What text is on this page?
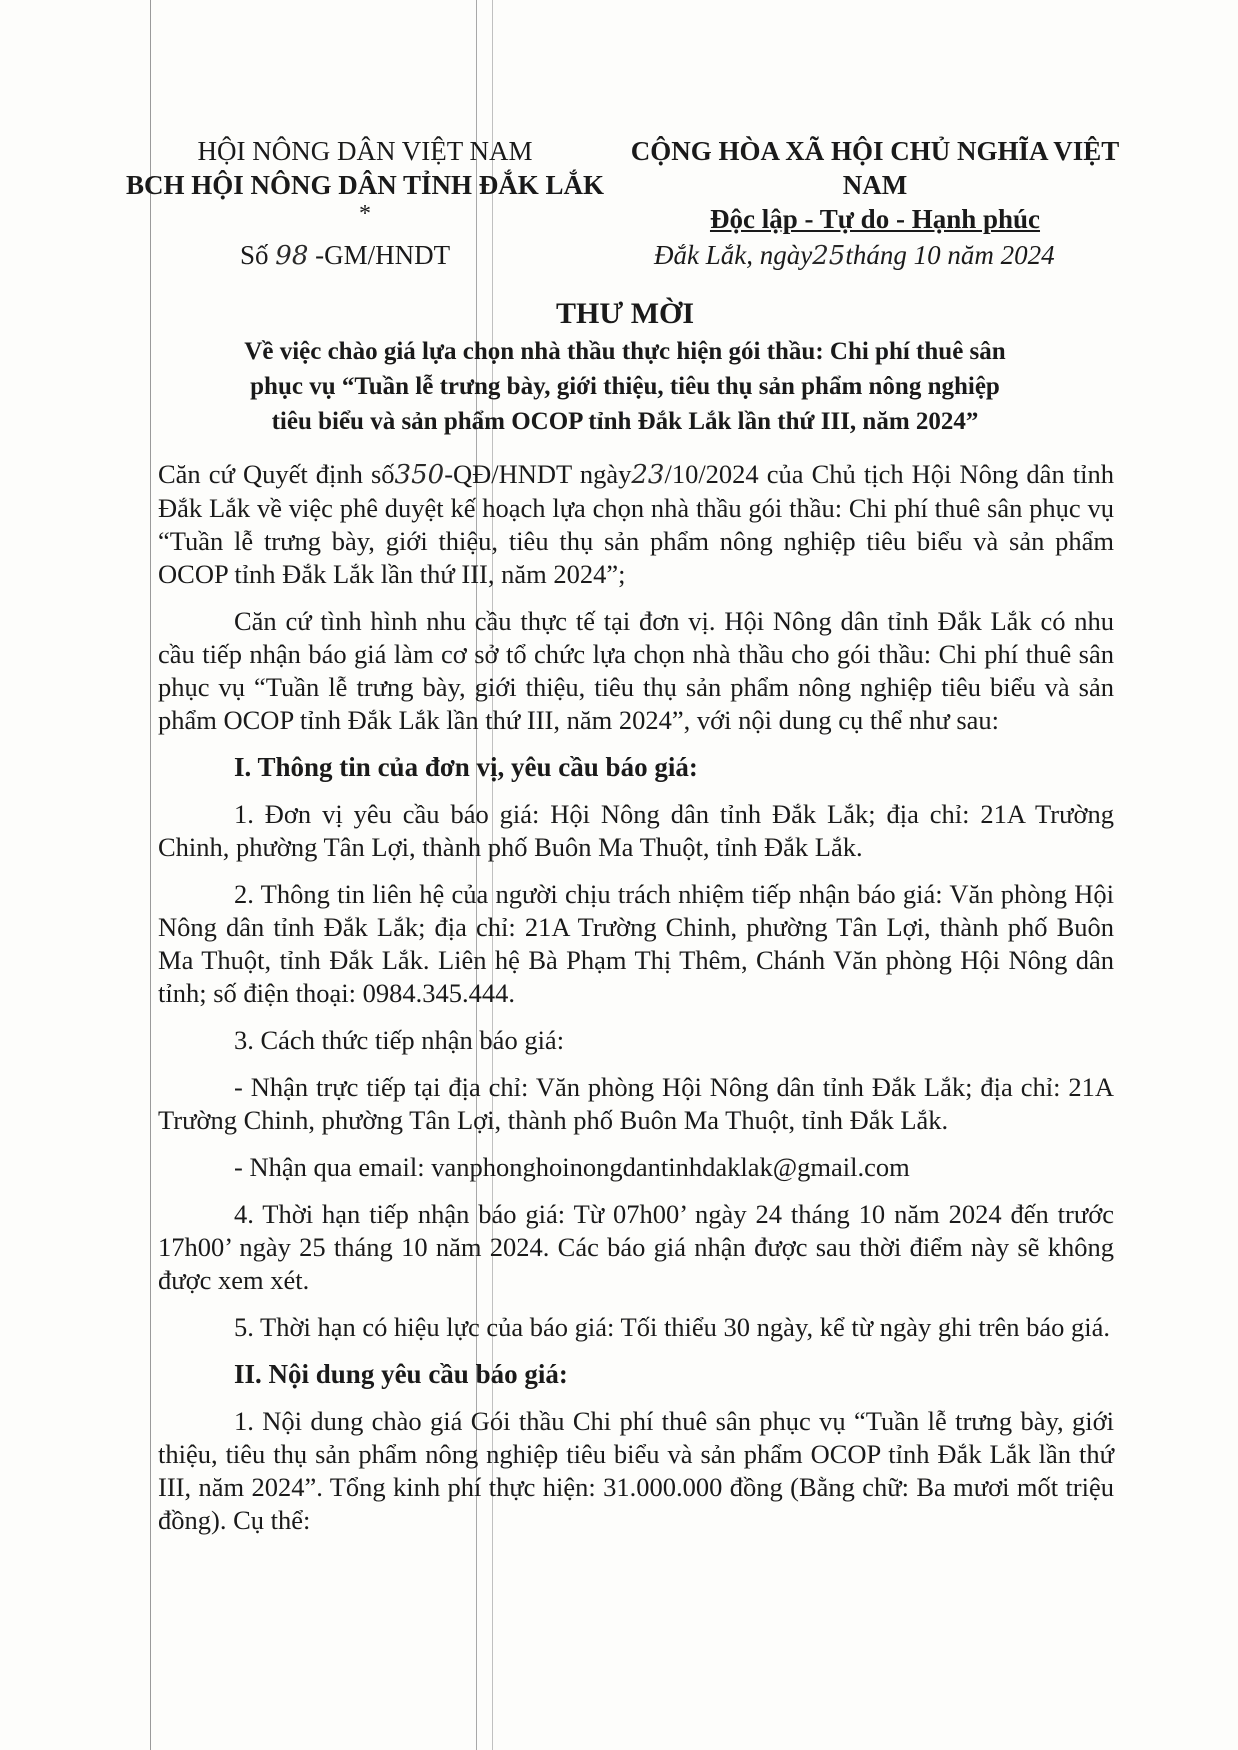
HỘI NÔNG DÂN VIỆT NAM
BCH HỘI NÔNG DÂN TỈNH ĐẮK LẮK
*
CỘNG HÒA XÃ HỘI CHỦ NGHĨA VIỆT NAM
Độc lập - Tự do - Hạnh phúc
Số 98 -GM/HNDT	Đắk Lắk, ngày25tháng 10 năm 2024
THƯ MỜI
Về việc chào giá lựa chọn nhà thầu thực hiện gói thầu: Chi phí thuê sân
phục vụ “Tuần lễ trưng bày, giới thiệu, tiêu thụ sản phẩm nông nghiệp
tiêu biểu và sản phẩm OCOP tỉnh Đắk Lắk lần thứ III, năm 2024”

Căn cứ Quyết định số350-QĐ/HNDT ngày23/10/2024 của Chủ tịch Hội Nông dân tỉnh Đắk Lắk về việc phê duyệt kế hoạch lựa chọn nhà thầu gói thầu: Chi phí thuê sân phục vụ “Tuần lễ trưng bày, giới thiệu, tiêu thụ sản phẩm nông nghiệp tiêu biểu và sản phẩm OCOP tỉnh Đắk Lắk lần thứ III, năm 2024”;

Căn cứ tình hình nhu cầu thực tế tại đơn vị. Hội Nông dân tỉnh Đắk Lắk có nhu cầu tiếp nhận báo giá làm cơ sở tổ chức lựa chọn nhà thầu cho gói thầu: Chi phí thuê sân phục vụ “Tuần lễ trưng bày, giới thiệu, tiêu thụ sản phẩm nông nghiệp tiêu biểu và sản phẩm OCOP tỉnh Đắk Lắk lần thứ III, năm 2024”, với nội dung cụ thể như sau:

I. Thông tin của đơn vị, yêu cầu báo giá:

1. Đơn vị yêu cầu báo giá: Hội Nông dân tỉnh Đắk Lắk; địa chỉ: 21A Trường Chinh, phường Tân Lợi, thành phố Buôn Ma Thuột, tỉnh Đắk Lắk.

2. Thông tin liên hệ của người chịu trách nhiệm tiếp nhận báo giá: Văn phòng Hội Nông dân tỉnh Đắk Lắk; địa chỉ: 21A Trường Chinh, phường Tân Lợi, thành phố Buôn Ma Thuột, tỉnh Đắk Lắk. Liên hệ Bà Phạm Thị Thêm, Chánh Văn phòng Hội Nông dân tỉnh; số điện thoại: 0984.345.444.

3. Cách thức tiếp nhận báo giá:

- Nhận trực tiếp tại địa chỉ: Văn phòng Hội Nông dân tỉnh Đắk Lắk; địa chỉ: 21A Trường Chinh, phường Tân Lợi, thành phố Buôn Ma Thuột, tỉnh Đắk Lắk.

- Nhận qua email: vanphonghoinongdantinhdaklak@gmail.com

4. Thời hạn tiếp nhận báo giá: Từ 07h00’ ngày 24 tháng 10 năm 2024 đến trước 17h00’ ngày 25 tháng 10 năm 2024. Các báo giá nhận được sau thời điểm này sẽ không được xem xét.

5. Thời hạn có hiệu lực của báo giá: Tối thiểu 30 ngày, kể từ ngày ghi trên báo giá.

II. Nội dung yêu cầu báo giá:

1. Nội dung chào giá Gói thầu Chi phí thuê sân phục vụ “Tuần lễ trưng bày, giới thiệu, tiêu thụ sản phẩm nông nghiệp tiêu biểu và sản phẩm OCOP tỉnh Đắk Lắk lần thứ III, năm 2024”. Tổng kinh phí thực hiện: 31.000.000 đồng (Bằng chữ: Ba mươi mốt triệu đồng). Cụ thể:
